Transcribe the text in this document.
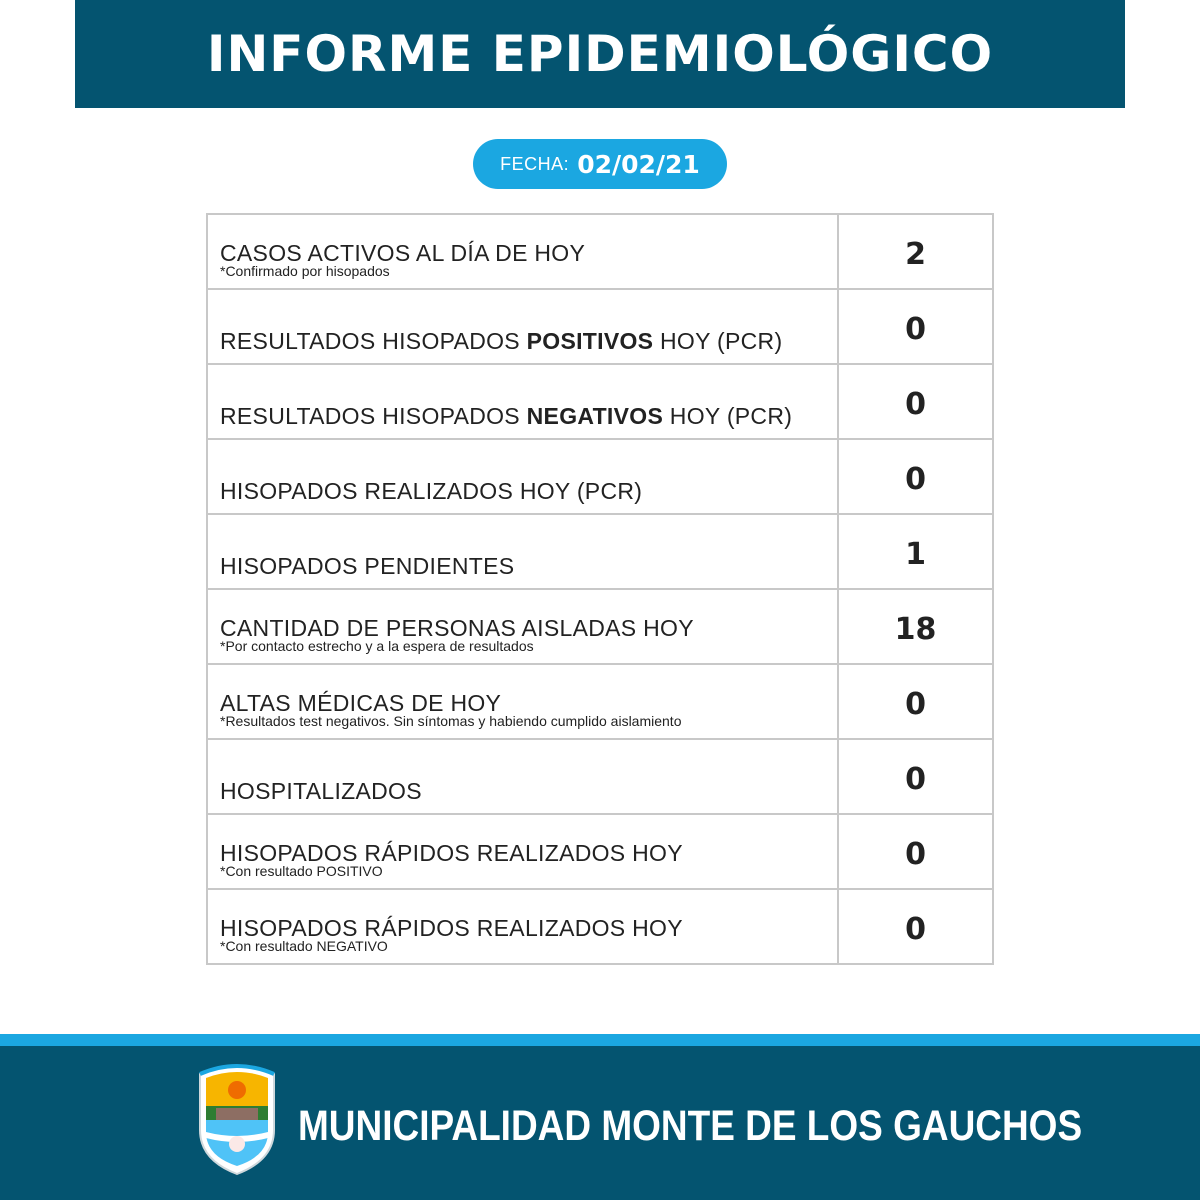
INFORME EPIDEMIOLÓGICO
FECHA: 02/02/21
CASOS ACTIVOS AL DÍA DE HOY
*Confirmado por hisopados	2

RESULTADOS HISOPADOS POSITIVOS HOY (PCR)	0

RESULTADOS HISOPADOS NEGATIVOS HOY (PCR)	0

HISOPADOS REALIZADOS HOY (PCR)	0

HISOPADOS PENDIENTES	1

CANTIDAD DE PERSONAS AISLADAS HOY
*Por contacto estrecho y a la espera de resultados	18

ALTAS MÉDICAS DE HOY
*Resultados test negativos. Sin síntomas y habiendo cumplido aislamiento	0

HOSPITALIZADOS	0

HISOPADOS RÁPIDOS REALIZADOS HOY
*Con resultado POSITIVO	0

HISOPADOS RÁPIDOS REALIZADOS HOY
*Con resultado NEGATIVO	0
MUNICIPALIDAD MONTE DE LOS GAUCHOS
